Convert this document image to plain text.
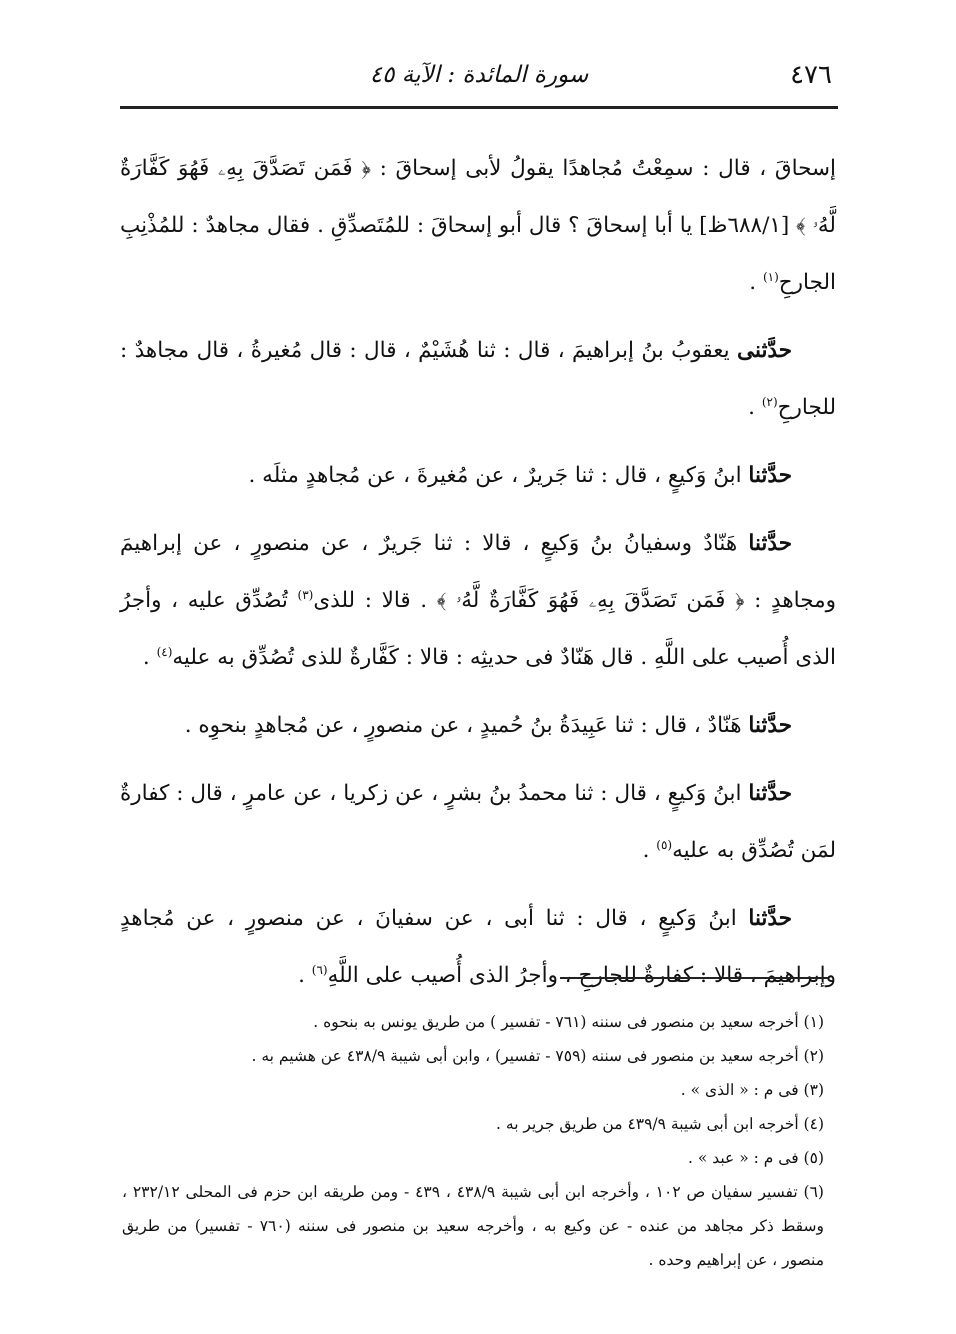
٤٧٦
سورة المائدة : الآية ٤٥

إسحاقَ ، قال : سمِعْتُ مُجاهدًا يقولُ لأبى إسحاقَ : ﴿ فَمَن تَصَدَّقَ بِهِۦ فَهُوَ كَفَّارَةٌ لَّهُۥ ﴾ [٦٨٨/١ظ] يا أبا إسحاقَ ؟ قال أبو إسحاقَ : للمُتَصدِّقِ . فقال مجاهدٌ : للمُذْنِبِ الجارحِ$^{(١)}$ .

حدَّثنى يعقوبُ بنُ إبراهيمَ ، قال : ثنا هُشَيْمٌ ، قال : قال مُغيرةُ ، قال مجاهدٌ : للجارحِ$^{(٢)}$ .

حدَّثنا ابنُ وَكيعٍ ، قال : ثنا جَريرٌ ، عن مُغيرةَ ، عن مُجاهدٍ مثلَه .

حدَّثنا هَنّادٌ وسفيانُ بنُ وَكيعٍ ، قالا : ثنا جَريرٌ ، عن منصورٍ ، عن إبراهيمَ ومجاهدٍ : ﴿ فَمَن تَصَدَّقَ بِهِۦ فَهُوَ كَفَّارَةٌ لَّهُۥ ﴾ . قالا : للذى$^{(٣)}$ تُصُدِّق عليه ، وأجرُ الذى أُصيب على اللَّهِ . قال هَنّادٌ فى حديثِه : قالا : كَفَّارةٌ للذى تُصُدِّق به عليه$^{(٤)}$ .

حدَّثنا هَنّادٌ ، قال : ثنا عَبِيدَةُ بنُ حُميدٍ ، عن منصورٍ ، عن مُجاهدٍ بنحوِه .

حدَّثنا ابنُ وَكيعٍ ، قال : ثنا محمدُ بنُ بشرٍ ، عن زكريا ، عن عامرٍ ، قال : كفارةٌ لمَن تُصُدِّق به عليه$^{(٥)}$ .

حدَّثنا ابنُ وَكيعٍ ، قال : ثنا أبى ، عن سفيانَ ، عن منصورٍ ، عن مُجاهدٍ وإبراهيمَ ، قالا : كفارةٌ للجارحِ ، وأجرُ الذى أُصيب على اللَّهِ$^{(٦)}$ .

(١) أخرجه سعيد بن منصور فى سننه (٧٦١ - تفسير ) من طريق يونس به بنحوه .

(٢) أخرجه سعيد بن منصور فى سننه (٧٥٩ - تفسير) ، وابن أبى شيبة ٤٣٨/٩ عن هشيم به .

(٣) فى م : « الذى » .

(٤) أخرجه ابن أبى شيبة ٤٣٩/٩ من طريق جرير به .

(٥) فى م : « عبد » .

(٦) تفسير سفيان ص ١٠٢ ، وأخرجه ابن أبى شيبة ٤٣٨/٩ ، ٤٣٩ - ومن طريقه ابن حزم فى المحلى ٢٣٢/١٢ ، وسقط ذكر مجاهد من عنده - عن وكيع به ، وأخرجه سعيد بن منصور فى سننه (٧٦٠ - تفسير) من طريق منصور ، عن إبراهيم وحده .
